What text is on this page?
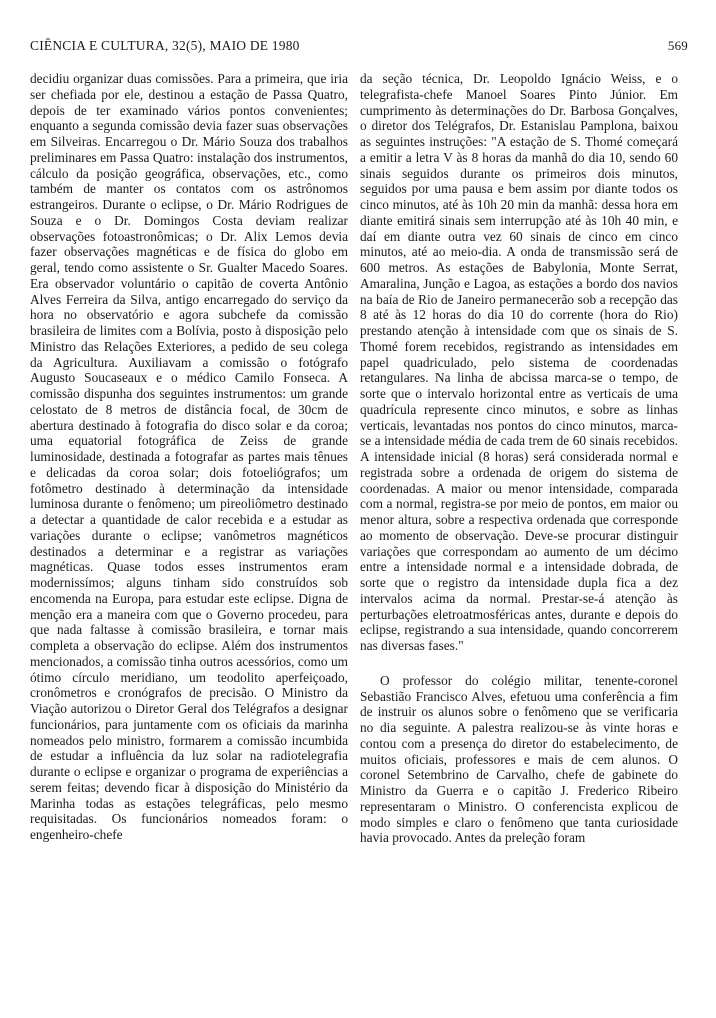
CIÊNCIA E CULTURA, 32(5), MAIO DE 1980	569

decidiu organizar duas comissões. Para a primeira, que iria ser chefiada por ele, destinou a estação de Passa Quatro, depois de ter examinado vários pontos convenientes; enquanto a segunda comissão devia fazer suas observações em Silveiras. Encarregou o Dr. Mário Souza dos trabalhos preliminares em Passa Quatro: instalação dos instrumentos, cálculo da posição geográfica, observações, etc., como também de manter os contatos com os astrônomos estrangeiros. Durante o eclipse, o Dr. Mário Rodrigues de Souza e o Dr. Domingos Costa deviam realizar observações fotoastronômicas; o Dr. Alix Lemos devia fazer observações magnéticas e de física do globo em geral, tendo como assistente o Sr. Gualter Macedo Soares. Era observador voluntário o capitão de coverta Antônio Alves Ferreira da Silva, antigo encarregado do serviço da hora no observatório e agora subchefe da comissão brasileira de limites com a Bolívia, posto à disposição pelo Ministro das Relações Exteriores, a pedido de seu colega da Agricultura. Auxiliavam a comissão o fotógrafo Augusto Soucaseaux e o médico Camilo Fonseca. A comissão dispunha dos seguintes instrumentos: um grande celostato de 8 metros de distância focal, de 30cm de abertura destinado à fotografia do disco solar e da coroa; uma equatorial fotográfica de Zeiss de grande luminosidade, destinada a fotografar as partes mais tênues e delicadas da coroa solar; dois fotoeliógrafos; um fotômetro destinado à determinação da intensidade luminosa durante o fenômeno; um pireoliômetro destinado a detectar a quantidade de calor recebida e a estudar as variações durante o eclipse; vanômetros magnéticos destinados a determinar e a registrar as variações magnéticas. Quase todos esses instrumentos eram modernissímos; alguns tinham sido construídos sob encomenda na Europa, para estudar este eclipse. Digna de menção era a maneira com que o Governo procedeu, para que nada faltasse à comissão brasileira, e tornar mais completa a observação do eclipse. Além dos instrumentos mencionados, a comissão tinha outros acessórios, como um ótimo círculo meridiano, um teodolito aperfeiçoado, cronômetros e cronógrafos de precisão. O Ministro da Viação autorizou o Diretor Geral dos Telégrafos a designar funcionários, para juntamente com os oficiais da marinha nomeados pelo ministro, formarem a comissão incumbida de estudar a influência da luz solar na radiotelegrafia durante o eclipse e organizar o programa de experiências a serem feitas; devendo ficar à disposição do Ministério da Marinha todas as estações telegráficas, pelo mesmo requisitadas. Os funcionários nomeados foram: o engenheiro-chefe

da seção técnica, Dr. Leopoldo Ignácio Weiss, e o telegrafista-chefe Manoel Soares Pinto Júnior. Em cumprimento às determinações do Dr. Barbosa Gonçalves, o diretor dos Telégrafos, Dr. Estanislau Pamplona, baixou as seguintes instruções: "A estação de S. Thomé começará a emitir a letra V às 8 horas da manhã do dia 10, sendo 60 sinais seguidos durante os primeiros dois minutos, seguidos por uma pausa e bem assim por diante todos os cinco minutos, até às 10h 20 min da manhã: dessa hora em diante emitirá sinais sem interrupção até às 10h 40 min, e daí em diante outra vez 60 sinais de cinco em cinco minutos, até ao meio-dia. A onda de transmissão será de 600 metros. As estações de Babylonia, Monte Serrat, Amaralina, Junção e Lagoa, as estações a bordo dos navios na baía de Rio de Janeiro permanecerão sob a recepção das 8 até às 12 horas do dia 10 do corrente (hora do Rio) prestando atenção à intensidade com que os sinais de S. Thomé forem recebidos, registrando as intensidades em papel quadriculado, pelo sistema de coordenadas retangulares. Na linha de abcissa marca-se o tempo, de sorte que o intervalo horizontal entre as verticais de uma quadrícula represente cinco minutos, e sobre as linhas verticais, levantadas nos pontos do cinco minutos, marca-se a intensidade média de cada trem de 60 sinais recebidos. A intensidade inicial (8 horas) será considerada normal e registrada sobre a ordenada de origem do sistema de coordenadas. A maior ou menor intensidade, comparada com a normal, registra-se por meio de pontos, em maior ou menor altura, sobre a respectiva ordenada que corresponde ao momento de observação. Deve-se procurar distinguir variações que correspondam ao aumento de um décimo entre a intensidade normal e a intensidade dobrada, de sorte que o registro da intensidade dupla fica a dez intervalos acima da normal. Prestar-se-á atenção às perturbações eletroatmosféricas antes, durante e depois do eclipse, registrando a sua intensidade, quando concorrerem nas diversas fases."

O professor do colégio militar, tenente-coronel Sebastião Francisco Alves, efetuou uma conferência a fim de instruir os alunos sobre o fenômeno que se verificaria no dia seguinte. A palestra realizou-se às vinte horas e contou com a presença do diretor do estabelecimento, de muitos oficiais, professores e mais de cem alunos. O coronel Setembrino de Carvalho, chefe de gabinete do Ministro da Guerra e o capitão J. Frederico Ribeiro representaram o Ministro. O conferencista explicou de modo simples e claro o fenômeno que tanta curiosidade havia provocado. Antes da preleção foram
